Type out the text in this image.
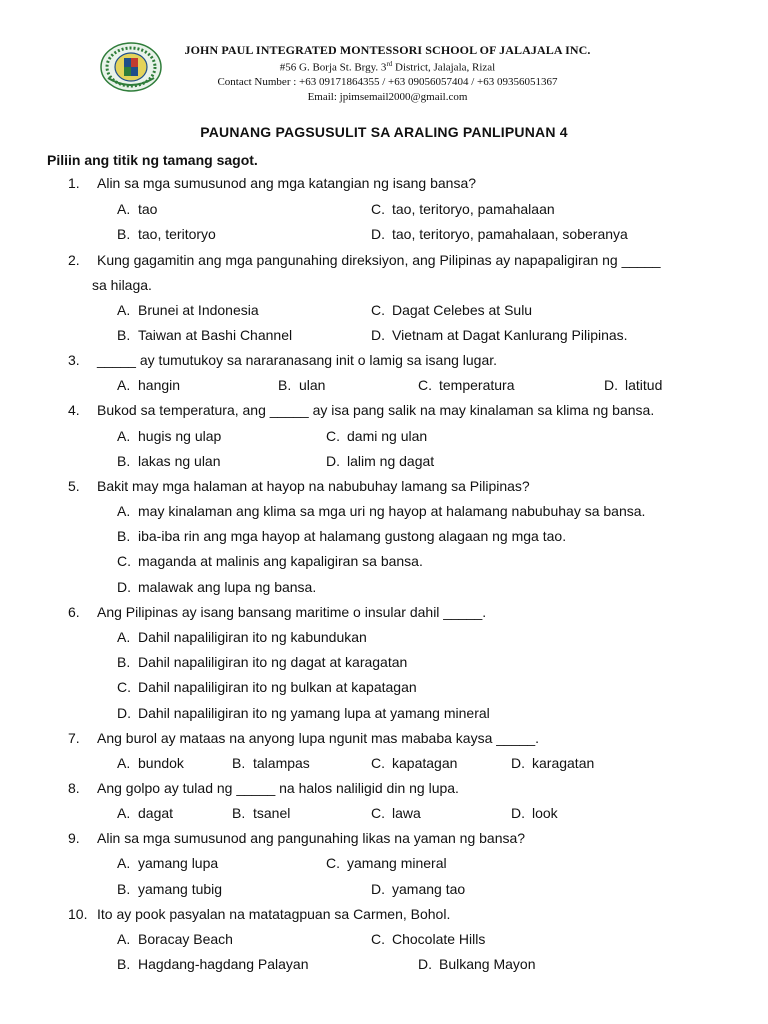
JOHN PAUL INTEGRATED MONTESSORI SCHOOL OF JALAJALA INC.
#56 G. Borja St. Brgy. 3rd District, Jalajala, Rizal
Contact Number : +63 09171864355 / +63 09056057404 / +63 09356051367
Email: jpimsemail2000@gmail.com
PAUNANG PAGSUSULIT SA ARALING PANLIPUNAN 4
Piliin ang titik ng tamang sagot.
1. Alin sa mga sumusunod ang mga katangian ng isang bansa?
A. tao	C. tao, teritoryo, pamahalaan
B. tao, teritoryo	D. tao, teritoryo, pamahalaan, soberanya
2. Kung gagamitin ang mga pangunahing direksiyon, ang Pilipinas ay napapaligiran ng _____
sa hilaga.
A. Brunei at Indonesia	C. Dagat Celebes at Sulu
B. Taiwan at Bashi Channel	D. Vietnam at Dagat Kanlurang Pilipinas.
3. _____ ay tumutukoy sa nararanasang init o lamig sa isang lugar.
A. hangin	B. ulan	C. temperatura	D. latitud
4. Bukod sa temperatura, ang _____ ay isa pang salik na may kinalaman sa klima ng bansa.
A. hugis ng ulap	C. dami ng ulan
B. lakas ng ulan	D. lalim ng dagat
5. Bakit may mga halaman at hayop na nabubuhay lamang sa Pilipinas?
A. may kinalaman ang klima sa mga uri ng hayop at halamang nabubuhay sa bansa.
B. iba-iba rin ang mga hayop at halamang gustong alagaan ng mga tao.
C. maganda at malinis ang kapaligiran sa bansa.
D. malawak ang lupa ng bansa.
6. Ang Pilipinas ay isang bansang maritime o insular dahil _____.
A. Dahil napaliligiran ito ng kabundukan
B. Dahil napaliligiran ito ng dagat at karagatan
C. Dahil napaliligiran ito ng bulkan at kapatagan
D. Dahil napaliligiran ito ng yamang lupa at yamang mineral
7. Ang burol ay mataas na anyong lupa ngunit mas mababa kaysa _____.
A. bundok	B. talampas	C. kapatagan	D. karagatan
8. Ang golpo ay tulad ng _____ na halos naliligid din ng lupa.
A. dagat	B. tsanel	C. lawa	D. look
9. Alin sa mga sumusunod ang pangunahing likas na yaman ng bansa?
A. yamang lupa	C. yamang mineral
B. yamang tubig	D. yamang tao
10. Ito ay pook pasyalan na matatagpuan sa Carmen, Bohol.
A. Boracay Beach	C. Chocolate Hills
B. Hagdang-hagdang Palayan	D. Bulkang Mayon
